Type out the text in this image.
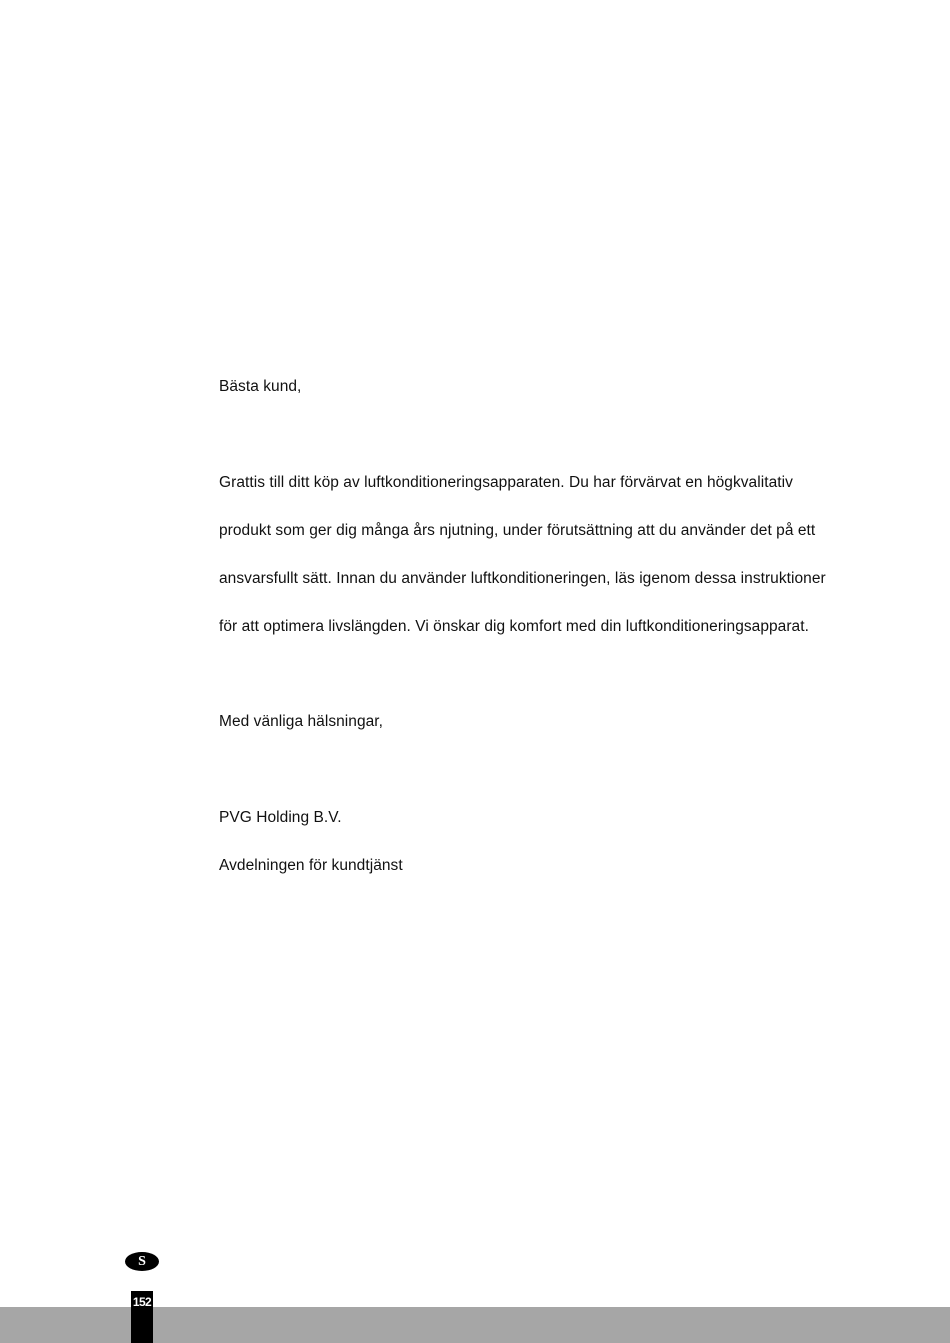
Bästa kund,
Grattis till ditt köp av luftkonditioneringsapparaten. Du har förvärvat en högkvalitativ
produkt som ger dig många års njutning, under förutsättning att du använder det på ett
ansvarsfullt sätt. Innan du använder luftkonditioneringen, läs igenom dessa instruktioner
för att optimera livslängden. Vi önskar dig komfort med din luftkonditioneringsapparat.
Med vänliga hälsningar,
PVG Holding B.V.
Avdelningen för kundtjänst
S
152
